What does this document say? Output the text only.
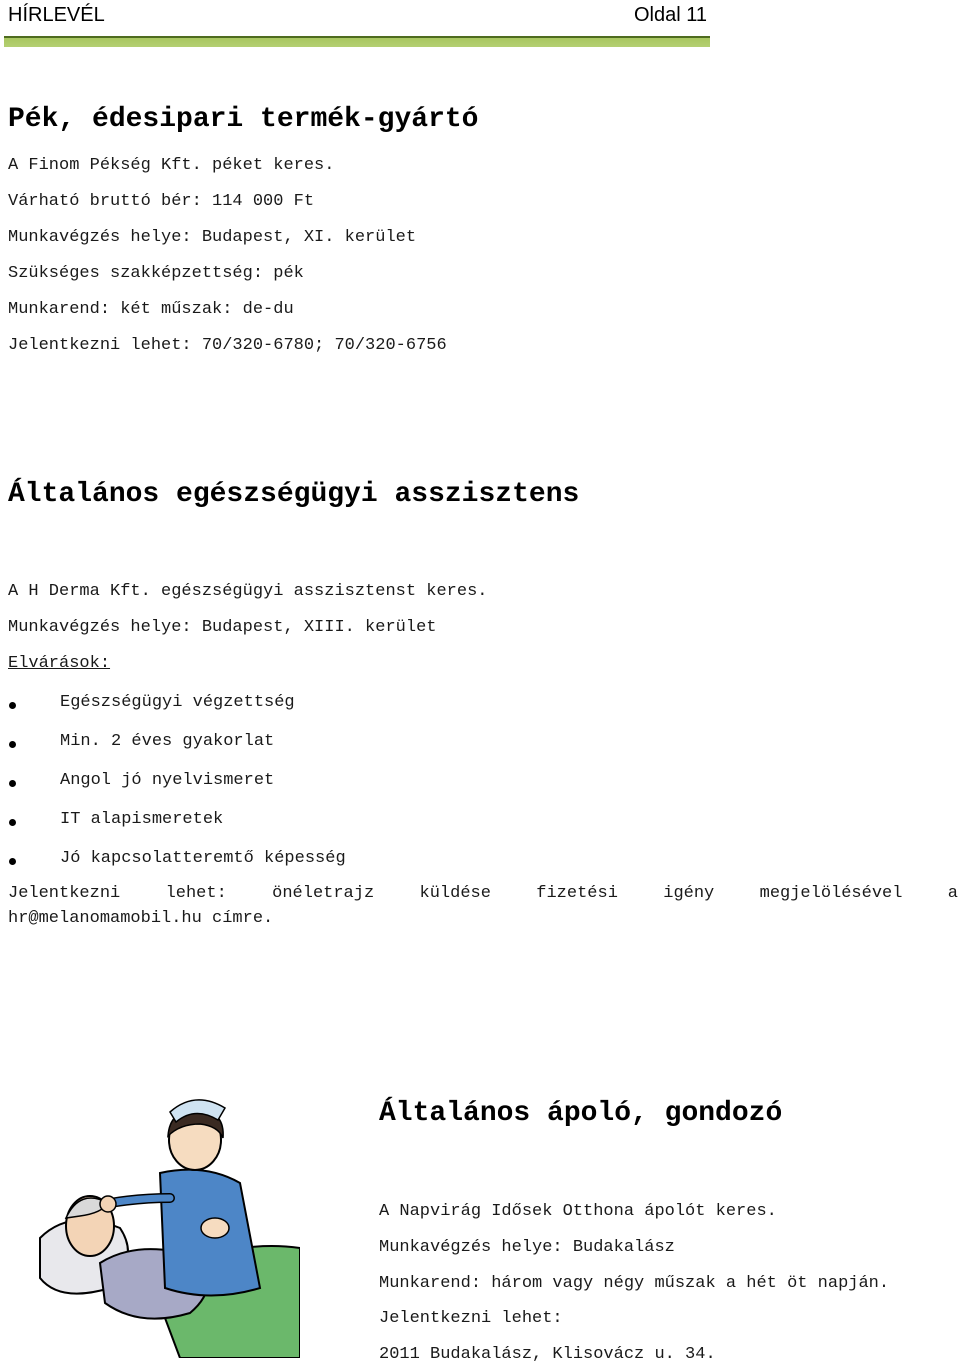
HÍRLEVÉL	Oldal 11
Pék, édesipari termék-gyártó
A Finom Pékség Kft. péket keres.
Várható bruttó bér: 114 000 Ft
Munkavégzés helye: Budapest, XI. kerület
Szükséges szakképzettség: pék
Munkarend: két műszak: de-du
Jelentkezni lehet: 70/320-6780; 70/320-6756
Általános egészségügyi asszisztens
A H Derma Kft. egészségügyi asszisztenst keres.
Munkavégzés helye: Budapest, XIII. kerület
Elvárások:
Egészségügyi végzettség
Min. 2 éves gyakorlat
Angol jó nyelvismeret
IT alapismeretek
Jó kapcsolatteremtő képesség
Jelentkezni lehet: önéletrajz küldése fizetési igény megjelölésével a
hr@melanomamobil.hu címre.
Általános ápoló, gondozó
A Napvirág Idősek Otthona ápolót keres.
Munkavégzés helye: Budakalász
Munkarend: három vagy négy műszak a hét öt napján.
Jelentkezni lehet:
2011 Budakalász, Klisovácz u. 34.
